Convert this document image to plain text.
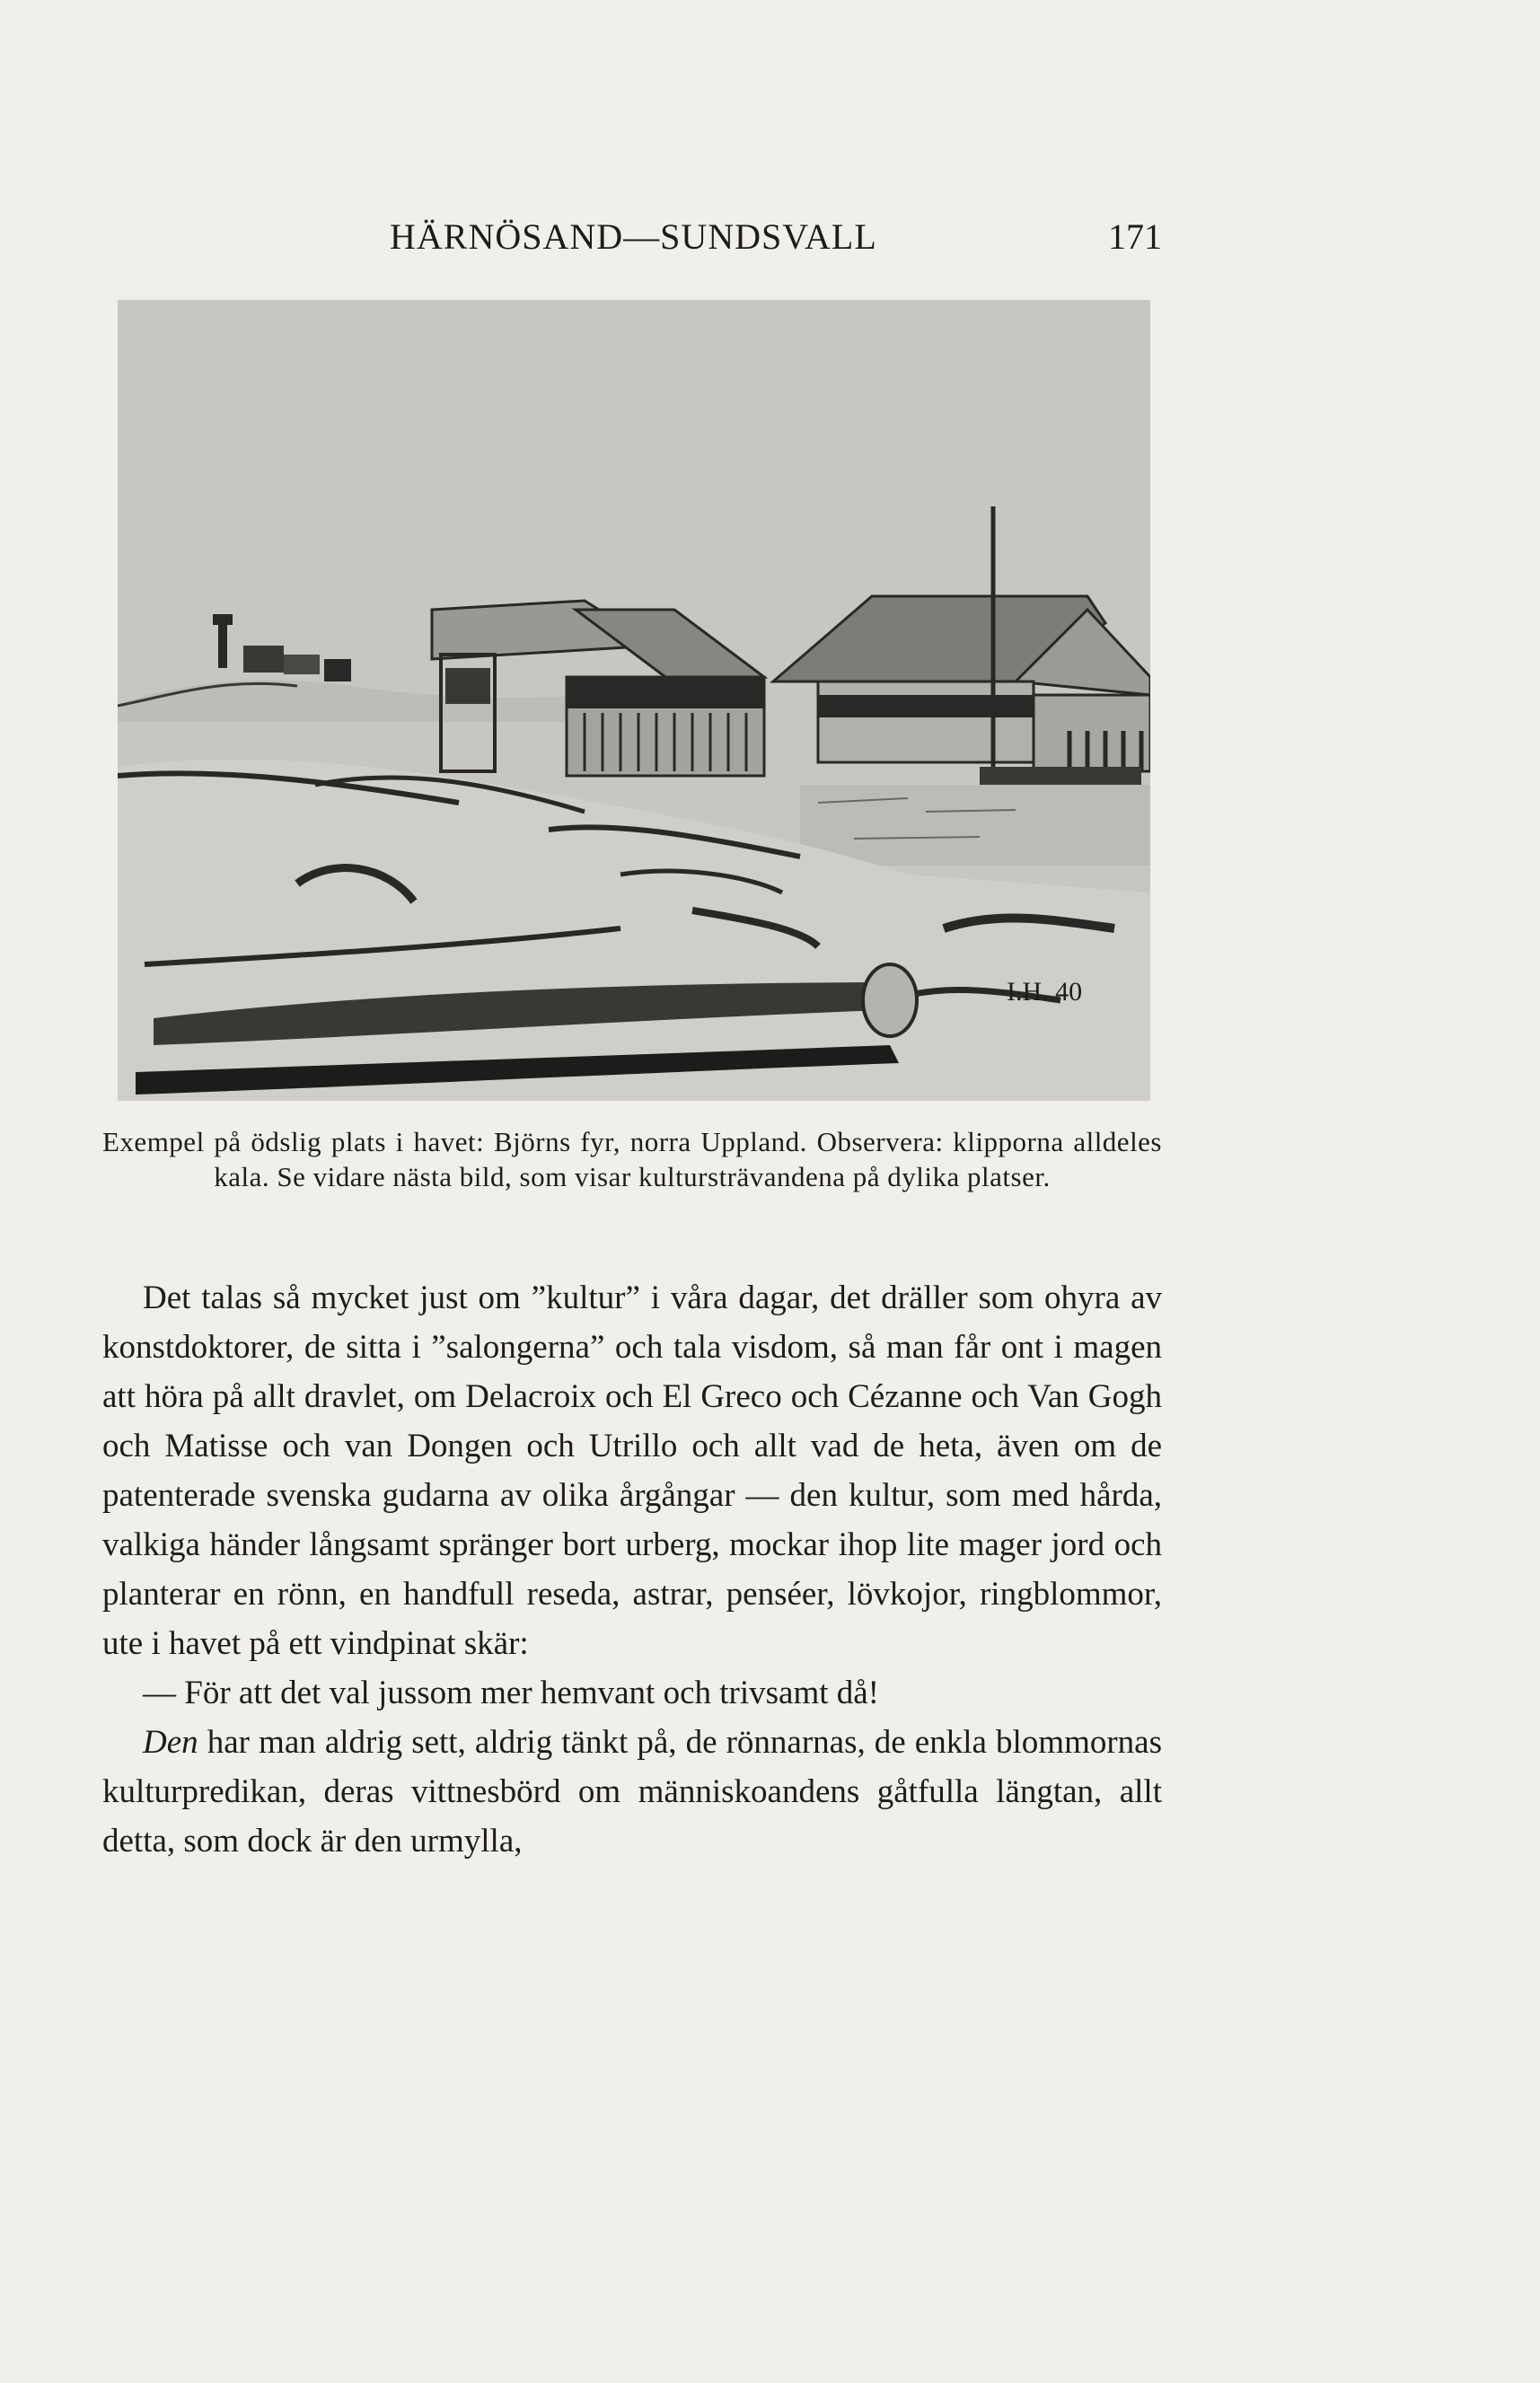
HÄRNÖSAND—SUNDSVALL	171
I.H. 40
Exempel på ödslig plats i havet: Björns fyr, norra Uppland. Observera: klipporna alldeles kala. Se vidare nästa bild, som visar kultursträvandena på dylika platser.

Det talas så mycket just om ”kultur” i våra dagar, det dräller som ohyra av konstdoktorer, de sitta i ”salongerna” och tala visdom, så man får ont i magen att höra på allt dravlet, om Delacroix och El Greco och Cézanne och Van Gogh och Matisse och van Dongen och Utrillo och allt vad de heta, även om de patenterade svenska gudarna av olika årgångar — den kultur, som med hårda, valkiga händer långsamt spränger bort urberg, mockar ihop lite mager jord och planterar en rönn, en handfull reseda, astrar, penséer, lövkojor, ringblommor, ute i havet på ett vindpinat skär:

— För att det val jussom mer hemvant och trivsamt då!

Den har man aldrig sett, aldrig tänkt på, de rönnarnas, de enkla blommornas kulturpredikan, deras vittnesbörd om människoandens gåtfulla längtan, allt detta, som dock är den urmylla,
